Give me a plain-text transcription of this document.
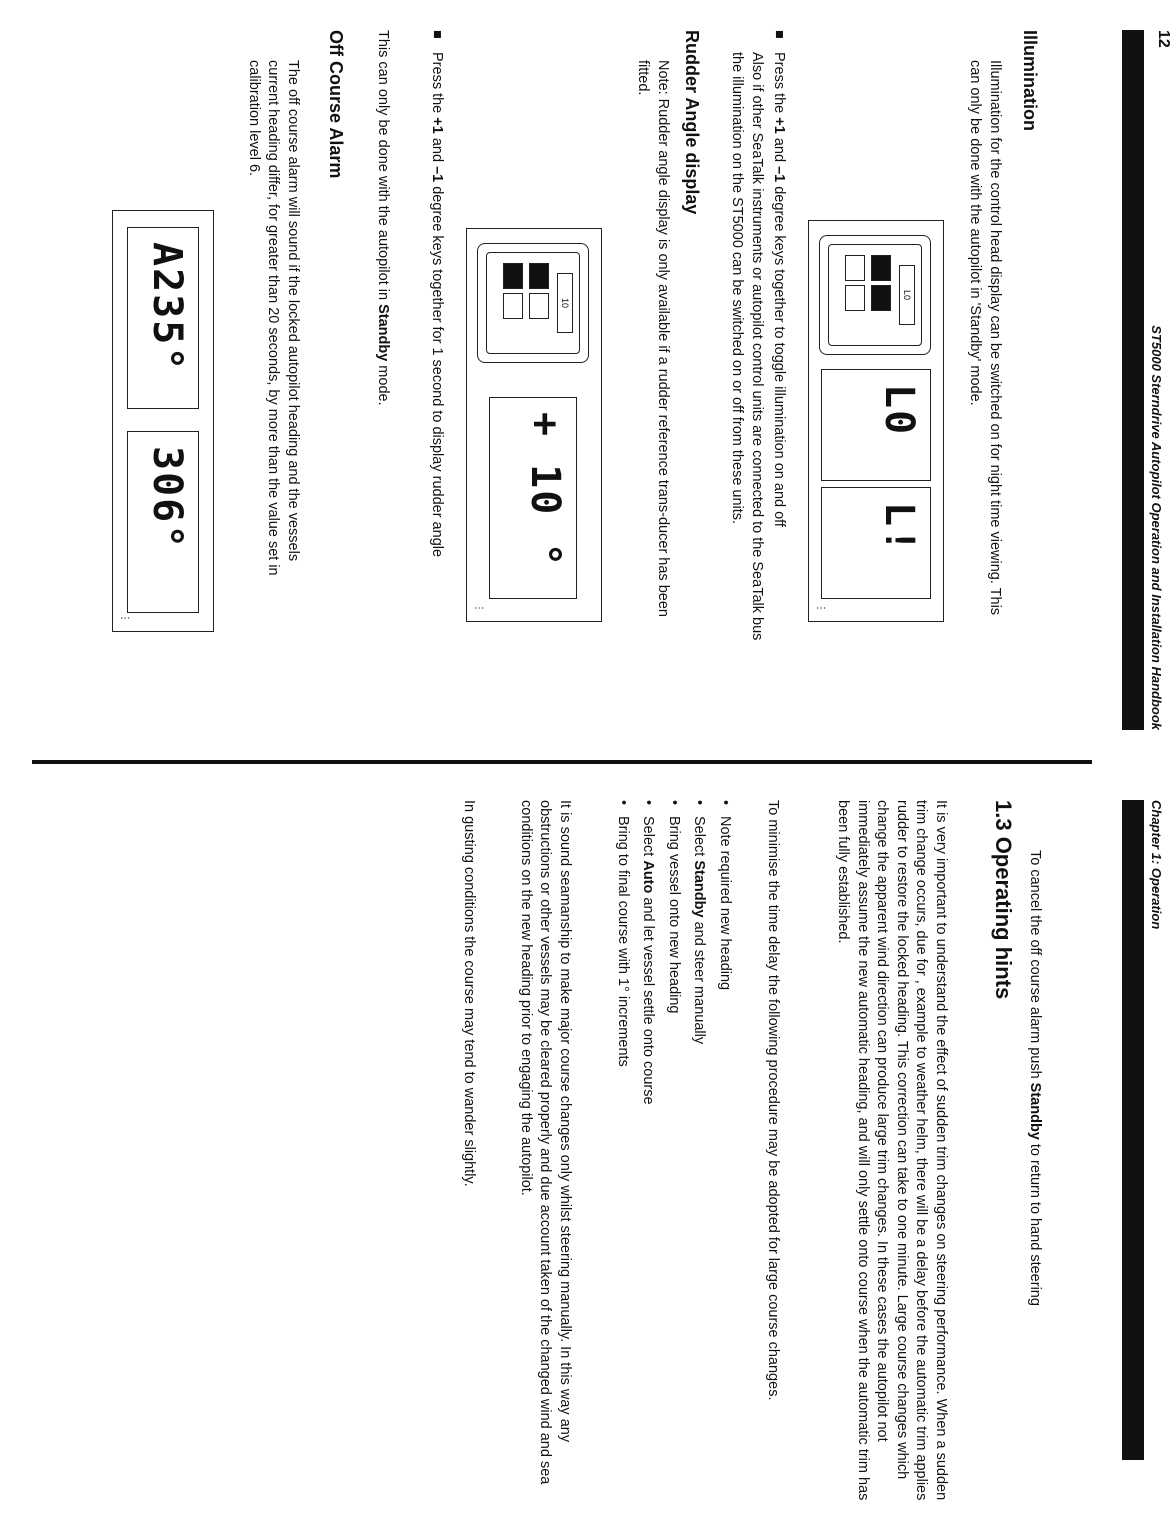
12
ST5000 Sterndrive Autopilot Operation and Installation Handbook
Illumination

Illumination for the control head display can be switched on for night time viewing. This can only be done with the autopilot in 'Standby' mode.

L0
L0
L!
⋮
■ Press the +1 and –1 degree keys together to toggle illumination on and off

Also if other SeaTalk instruments or autopilot control units are connected to the SeaTalk bus the illumination on the ST5000 can be switched on or off from these units.

Rudder Angle display

Note: Rudder angle display is only available if a rudder reference trans-ducer has been fitted.

10
+ 10 °
⋮
■ Press the +1 and –1 degree keys together for 1 second to display rudder angle

This can only be done with the autopilot in Standby mode.

Off Course Alarm

The off course alarm will sound if the locked autopilot heading and the vessels current heading differ, for greater than 20 seconds, by more than the value set in calibration level 6.

A235°
306°
⋮
Chapter 1: Operation

To cancel the off course alarm push Standby to return to hand steering

1.3 Operating hints

It is very important to understand the effect of sudden trim changes on steering performance. When a sudden trim change occurs, due for , example to weather helm, there will be a delay before the automatic trim applies rudder to restore the locked heading. This correction can take to one minute. Large course changes which change the apparent wind direction can produce large trim changes. In these cases the autopilot not immediately assume the new automatic heading, and will only settle onto course when the automatic trim has been fully established.

To minimise the time delay the following procedure may be adopted for large course changes.

• Note required new heading
• Select Standby and steer manually
• Bring vessel onto new heading
• Select Auto and let vessel settle onto course
• Bring to final course with 1° increments

It is sound seamanship to make major course changes only whilst steering manually. In this way any obstructions or other vessels may be cleared properly and due account taken of the changed wind and sea conditions on the new heading prior to engaging the autopilot.

In gusting conditions the course may tend to wander slightly.
